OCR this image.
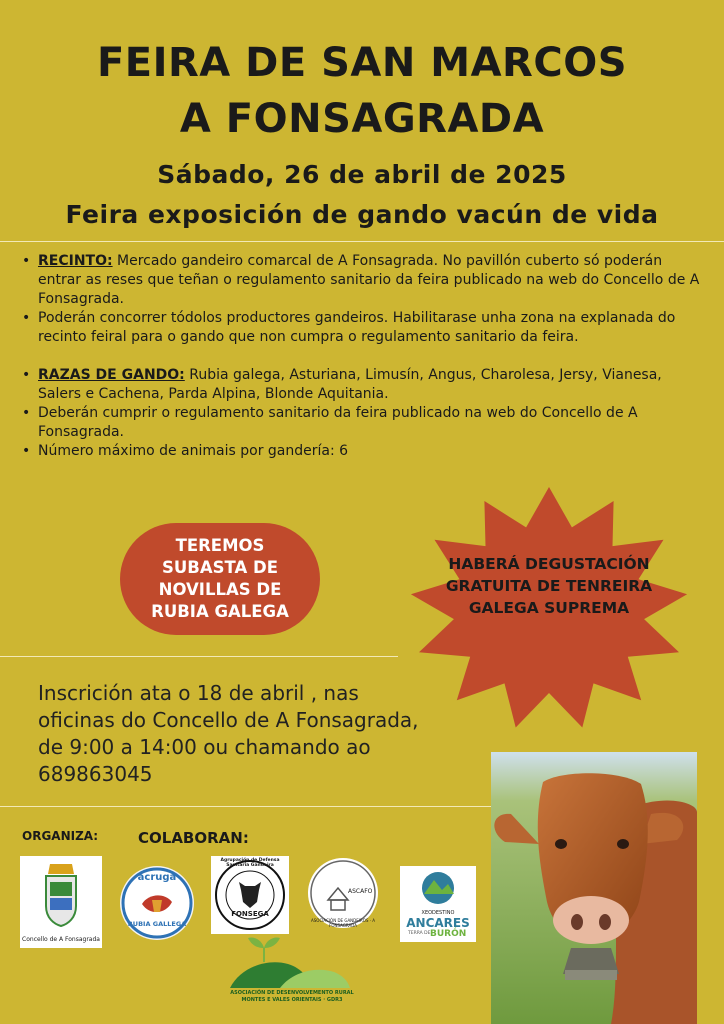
FEIRA DE SAN MARCOS
A FONSAGRADA
Sábado, 26 de abril de 2025
Feira exposición de gando vacún de vida
• RECINTO: Mercado gandeiro comarcal de A Fonsagrada. No pavillón cuberto só poderán entrar as reses que teñan o regulamento sanitario da feira publicado na web do Concello de A Fonsagrada.
• Poderán concorrer tódolos productores gandeiros. Habilitarase unha zona na explanada do recinto feiral para o gando que non cumpra o regulamento sanitario da feira.
• RAZAS DE GANDO: Rubia galega, Asturiana, Limusín, Angus, Charolesa, Jersy, Vianesa, Salers e Cachena, Parda Alpina, Blonde Aquitania.
• Deberán cumprir o regulamento sanitario da feira publicado na web do Concello de A Fonsagrada.
• Número máximo de animais por gandería: 6
TEREMOS SUBASTA DE NOVILLAS DE RUBIA GALEGA
HABERÁ DEGUSTACIÓN GRATUITA DE TENREIRA GALEGA SUPREMA
Inscrición ata o 18 de abril , nas oficinas do Concello de A Fonsagrada, de 9:00 a 14:00 ou chamando ao 689863045
ORGANIZA:	COLABORAN:
Concello de A Fonsagrada
acruga
RUBIA GALLEGA
Agrupación de Defensa Sanitaria Gandeira
FONSEGA
ASCAFO
ASOCIACIÓN DE GANDEIROS · A FONSAGRADA
XEODESTINO
ANCARES
TERRA DE BURÓN
ASOCIACIÓN DE DESENVOLVEMENTO RURAL
MONTES E VALES ORIENTAIS · GDR3
